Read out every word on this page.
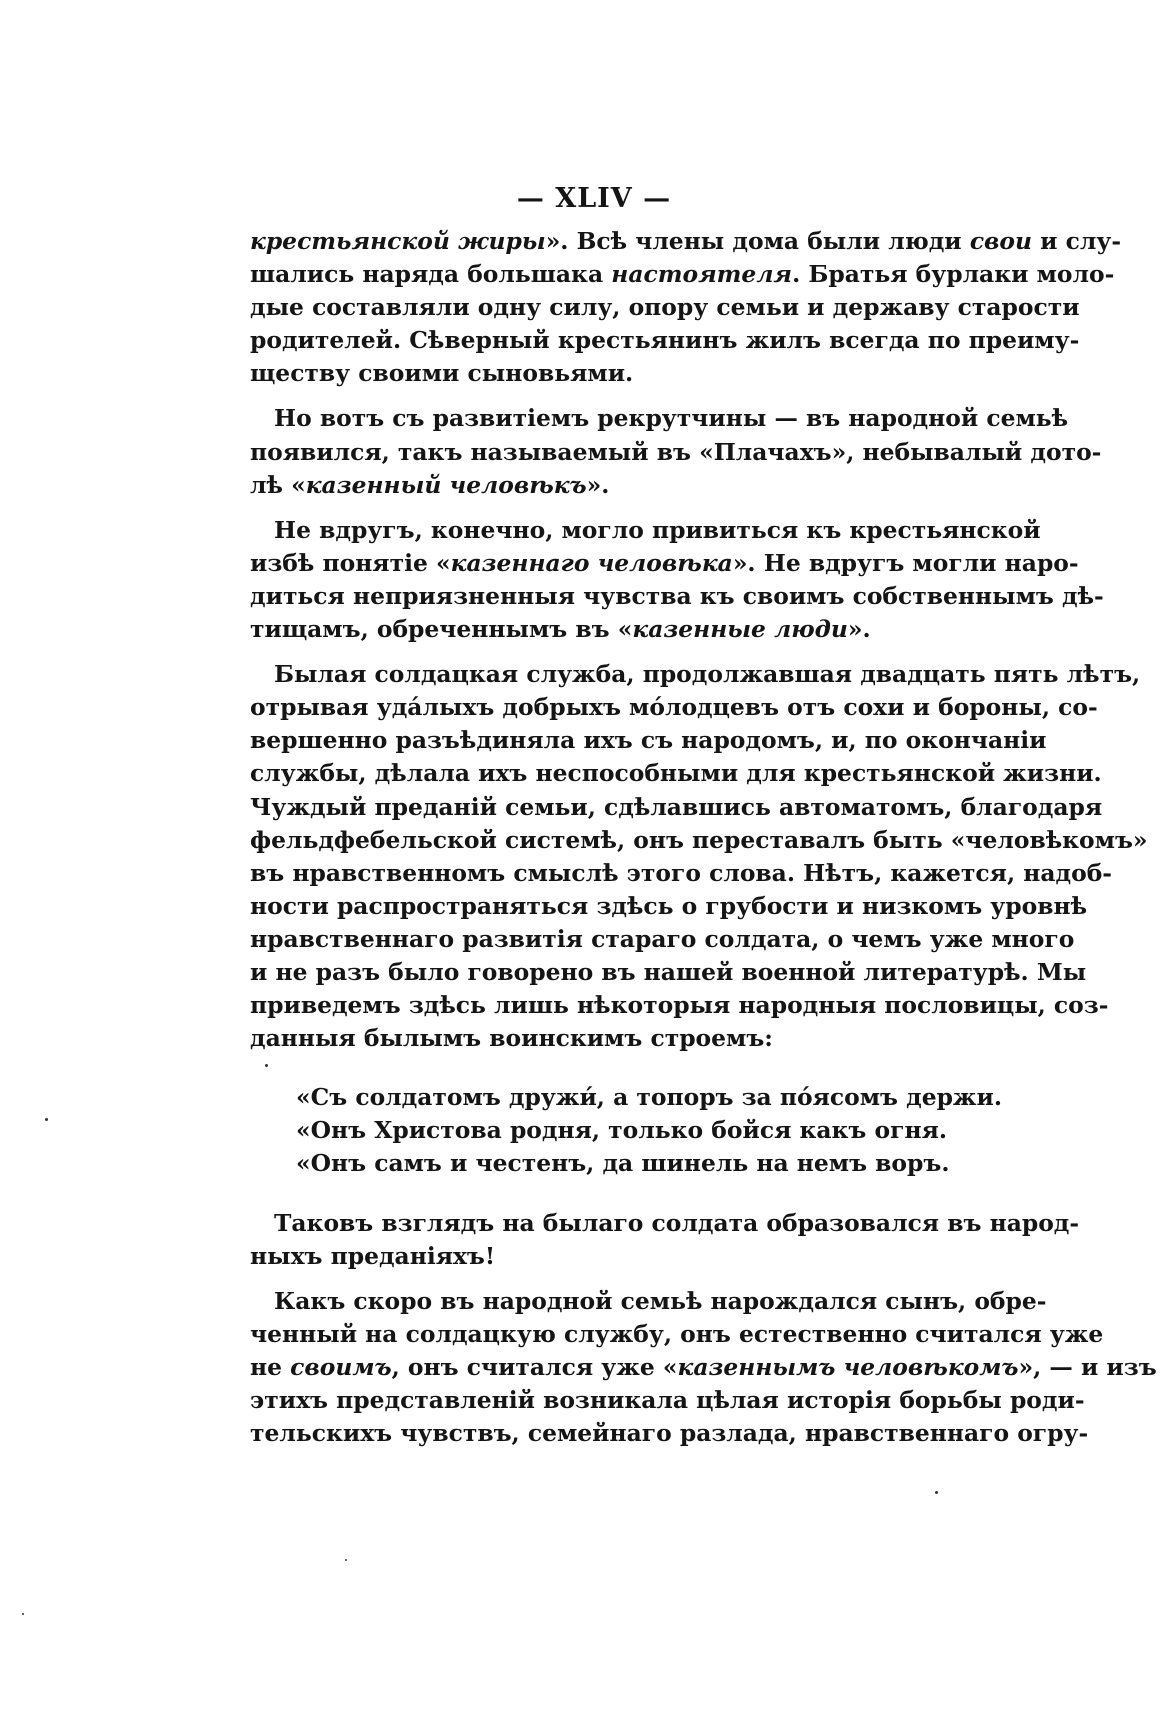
— XLIV —
крестьянской жиры». Всѣ члены дома были люди свои и слу-
шались наряда большака настоятеля. Братья бурлаки моло-
дые составляли одну силу, опору семьи и державу старости
родителей. Сѣверный крестьянинъ жилъ всегда по преиму-
ществу своими сыновьями.
Но вотъ съ развитіемъ рекрутчины — въ народной семьѣ
появился, такъ называемый въ «Плачахъ», небывалый дото-
лѣ «казенный человѣкъ».
Не вдругъ, конечно, могло привиться къ крестьянской
избѣ понятіе «казеннаго человѣка». Не вдругъ могли наро-
диться неприязненныя чувства къ своимъ собственнымъ дѣ-
тищамъ, обреченнымъ въ «казенные люди».
Былая солдацкая служба, продолжавшая двадцать пять лѣтъ,
отрывая удáлыхъ добрыхъ мóлодцевъ отъ сохи и бороны, со-
вершенно разъѣдиняла ихъ съ народомъ, и, по окончаніи
службы, дѣлала ихъ неспособными для крестьянской жизни.
Чуждый преданій семьи, сдѣлавшись автоматомъ, благодаря
фельдфебельской системѣ, онъ переставалъ быть «человѣкомъ»
въ нравственномъ смыслѣ этого слова. Нѣтъ, кажется, надоб-
ности распространяться здѣсь о грубости и низкомъ уровнѣ
нравственнаго развитія стараго солдата, о чемъ уже много
и не разъ было говорено въ нашей военной литературѣ. Мы
приведемъ здѣсь лишь нѣкоторыя народныя пословицы, соз-
данныя былымъ воинскимъ строемъ:
«Съ солдатомъ дружи́, а топоръ за пóясомъ держи.
«Онъ Христова родня, только бойся какъ огня.
«Онъ самъ и честенъ, да шинель на немъ воръ.
Таковъ взглядъ на былаго солдата образовался въ народ-
ныхъ преданіяхъ!
Какъ скоро въ народной семьѣ нарождался сынъ, обре-
ченный на солдацкую службу, онъ естественно считался уже
не своимъ, онъ считался уже «казеннымъ человѣкомъ», — и изъ
этихъ представленій возникала цѣлая исторія борьбы роди-
тельскихъ чувствъ, семейнаго разлада, нравственнаго огру-
